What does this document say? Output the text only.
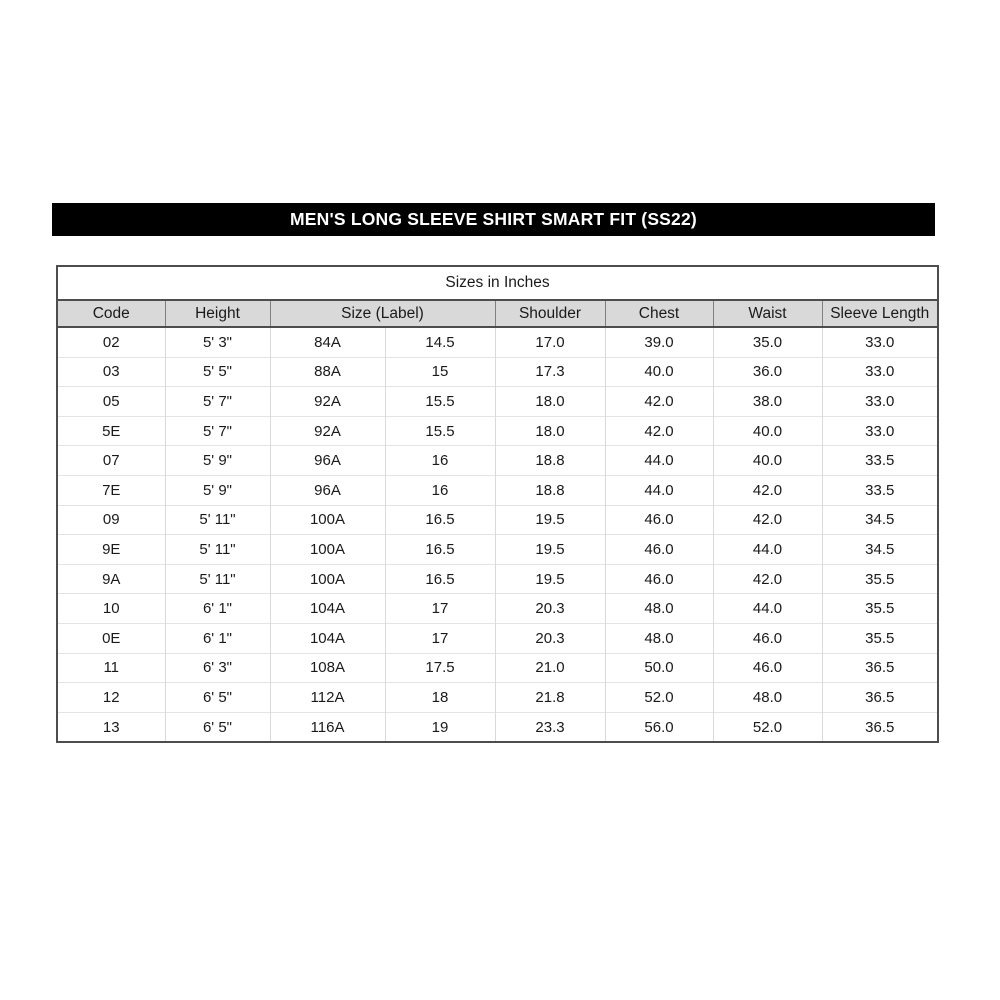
MEN'S LONG SLEEVE SHIRT SMART FIT (SS22)
Sizes in Inches							
Code	Height	Size (Label)		Shoulder	Chest	Waist	Sleeve Length
02	5' 3"	84A	14.5	17.0	39.0	35.0	33.0
03	5' 5"	88A	15	17.3	40.0	36.0	33.0
05	5' 7"	92A	15.5	18.0	42.0	38.0	33.0
5E	5' 7"	92A	15.5	18.0	42.0	40.0	33.0
07	5' 9"	96A	16	18.8	44.0	40.0	33.5
7E	5' 9"	96A	16	18.8	44.0	42.0	33.5
09	5' 11"	100A	16.5	19.5	46.0	42.0	34.5
9E	5' 11"	100A	16.5	19.5	46.0	44.0	34.5
9A	5' 11"	100A	16.5	19.5	46.0	42.0	35.5
10	6' 1"	104A	17	20.3	48.0	44.0	35.5
0E	6' 1"	104A	17	20.3	48.0	46.0	35.5
11	6' 3"	108A	17.5	21.0	50.0	46.0	36.5
12	6' 5"	112A	18	21.8	52.0	48.0	36.5
13	6' 5"	116A	19	23.3	56.0	52.0	36.5
